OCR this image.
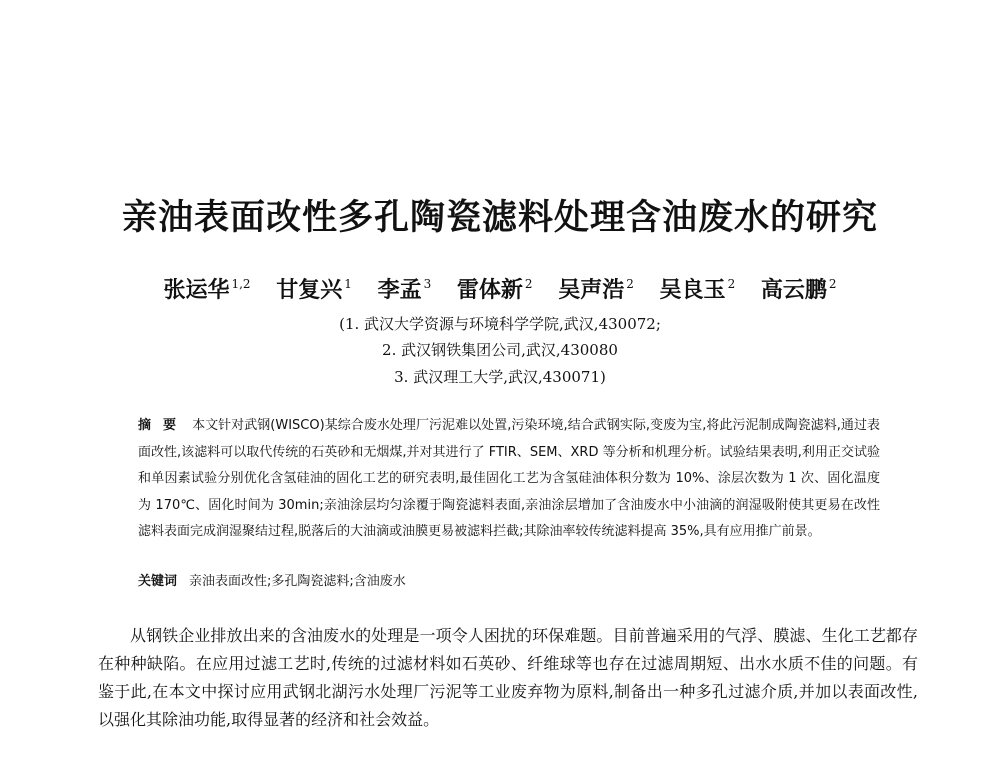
亲油表面改性多孔陶瓷滤料处理含油废水的研究
张运华 $^{1,2}$ 甘复兴 $^1$ 李孟 $^3$ 雷体新 $^2$ 吴声浩 $^2$ 吴良玉 $^2$ 高云鹏 $^2$
(1. 武汉大学资源与环境科学学院,武汉,430072;
2. 武汉钢铁集团公司,武汉,430080
3. 武汉理工大学,武汉,430071)

摘要 本文针对武钢(WISCO)某综合废水处理厂污泥难以处置,污染环境,结合武钢实际,变废为宝,将此污泥制成陶瓷滤料,通过表面改性,该滤料可以取代传统的石英砂和无烟煤,并对其进行了 FTIR、SEM、XRD 等分析和机理分析。试验结果表明,利用正交试验和单因素试验分别优化含氢硅油的固化工艺的研究表明,最佳固化工艺为含氢硅油体积分数为 10%、涂层次数为 1 次、固化温度为 170℃、固化时间为 30min;亲油涂层均匀涂覆于陶瓷滤料表面,亲油涂层增加了含油废水中小油滴的润湿吸附使其更易在改性滤料表面完成润湿聚结过程,脱落后的大油滴或油膜更易被滤料拦截;其除油率较传统滤料提高 35%,具有应用推广前景。

关键词 亲油表面改性;多孔陶瓷滤料;含油废水

从钢铁企业排放出来的含油废水的处理是一项令人困扰的环保难题。目前普遍采用的气浮、膜滤、生化工艺都存在种种缺陷。在应用过滤工艺时,传统的过滤材料如石英砂、纤维球等也存在过滤周期短、出水水质不佳的问题。有鉴于此,在本文中探讨应用武钢北湖污水处理厂污泥等工业废弃物为原料,制备出一种多孔过滤介质,并加以表面改性,以强化其除油功能,取得显著的经济和社会效益。
